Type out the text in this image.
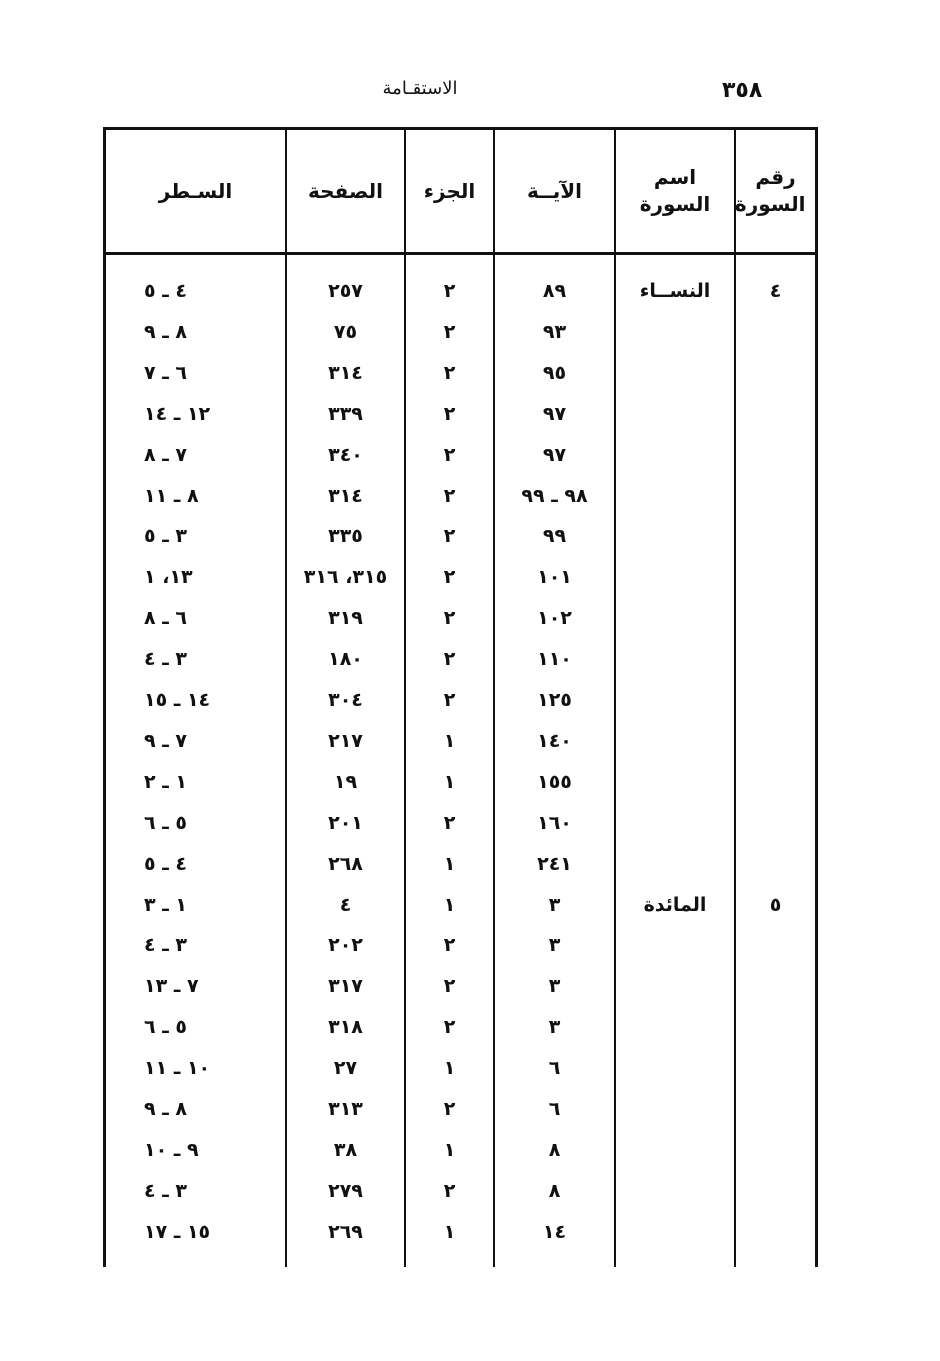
٣٥٨
الاستقـامة
رقم السورة
اسم السورة
الآيــة
الجزء
الصفحة
السـطر
٤
النســاء
٨٩
٢
٢٥٧
٤ ـ ٥
٩٣
٢
٧٥
٨ ـ ٩
٩٥
٢
٣١٤
٦ ـ ٧
٩٧
٢
٣٣٩
١٢ ـ ١٤
٩٧
٢
٣٤٠
٧ ـ ٨
٩٨ ـ ٩٩
٢
٣١٤
٨ ـ ١١
٩٩
٢
٣٣٥
٣ ـ ٥
١٠١
٢
٣١٥، ٣١٦
١٣، ١
١٠٢
٢
٣١٩
٦ ـ ٨
١١٠
٢
١٨٠
٣ ـ ٤
١٢٥
٢
٣٠٤
١٤ ـ ١٥
١٤٠
١
٢١٧
٧ ـ ٩
١٥٥
١
١٩
١ ـ ٢
١٦٠
٢
٢٠١
٥ ـ ٦
٢٤١
١
٢٦٨
٤ ـ ٥
٥
المائدة
٣
١
٤
١ ـ ٣
٣
٢
٢٠٢
٣ ـ ٤
٣
٢
٣١٧
٧ ـ ١٣
٣
٢
٣١٨
٥ ـ ٦
٦
١
٢٧
١٠ ـ ١١
٦
٢
٣١٣
٨ ـ ٩
٨
١
٣٨
٩ ـ ١٠
٨
٢
٢٧٩
٣ ـ ٤
١٤
١
٢٦٩
١٥ ـ ١٧
